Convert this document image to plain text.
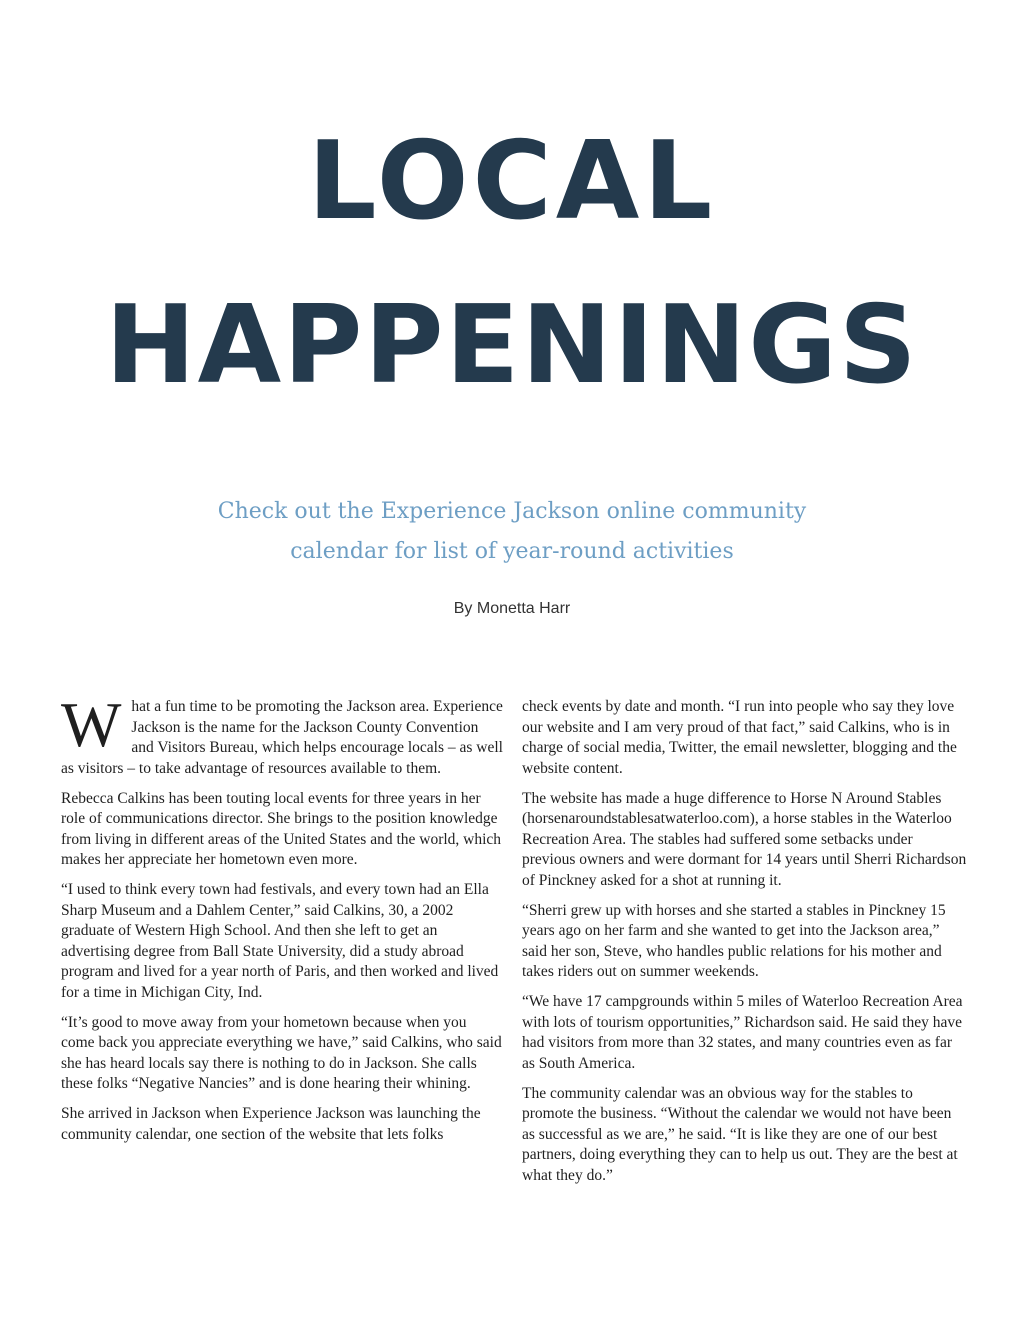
LOCAL
HAPPENINGS
Check out the Experience Jackson online community
calendar for list of year-round activities
By Monetta Harr

What a fun time to be promoting the Jackson area. Experience Jackson is the name for the Jackson County Convention and Visitors Bureau, which helps encourage locals – as well as visitors – to take advantage of resources available to them.

Rebecca Calkins has been touting local events for three years in her role of communications director. She brings to the position knowledge from living in different areas of the United States and the world, which makes her appreciate her hometown even more.

“I used to think every town had festivals, and every town had an Ella Sharp Museum and a Dahlem Center,” said Calkins, 30, a 2002 graduate of Western High School. And then she left to get an advertising degree from Ball State University, did a study abroad program and lived for a year north of Paris, and then worked and lived for a time in Michigan City, Ind.

“It’s good to move away from your hometown because when you come back you appreciate everything we have,” said Calkins, who said she has heard locals say there is nothing to do in Jackson. She calls these folks “Negative Nancies” and is done hearing their whining.

She arrived in Jackson when Experience Jackson was launching the community calendar, one section of the website that lets folks

check events by date and month. “I run into people who say they love our website and I am very proud of that fact,” said Calkins, who is in charge of social media, Twitter, the email newsletter, blogging and the website content.

The website has made a huge difference to Horse N Around Stables (horsenaroundstablesatwaterloo.com), a horse stables in the Waterloo Recreation Area. The stables had suffered some setbacks under previous owners and were dormant for 14 years until Sherri Richardson of Pinckney asked for a shot at running it.

“Sherri grew up with horses and she started a stables in Pinckney 15 years ago on her farm and she wanted to get into the Jackson area,” said her son, Steve, who handles public relations for his mother and takes riders out on summer weekends.

“We have 17 campgrounds within 5 miles of Waterloo Recreation Area with lots of tourism opportunities,” Richardson said. He said they have had visitors from more than 32 states, and many countries even as far as South America.

The community calendar was an obvious way for the stables to promote the business. “Without the calendar we would not have been as successful as we are,” he said. “It is like they are one of our best partners, doing everything they can to help us out. They are the best at what they do.”
